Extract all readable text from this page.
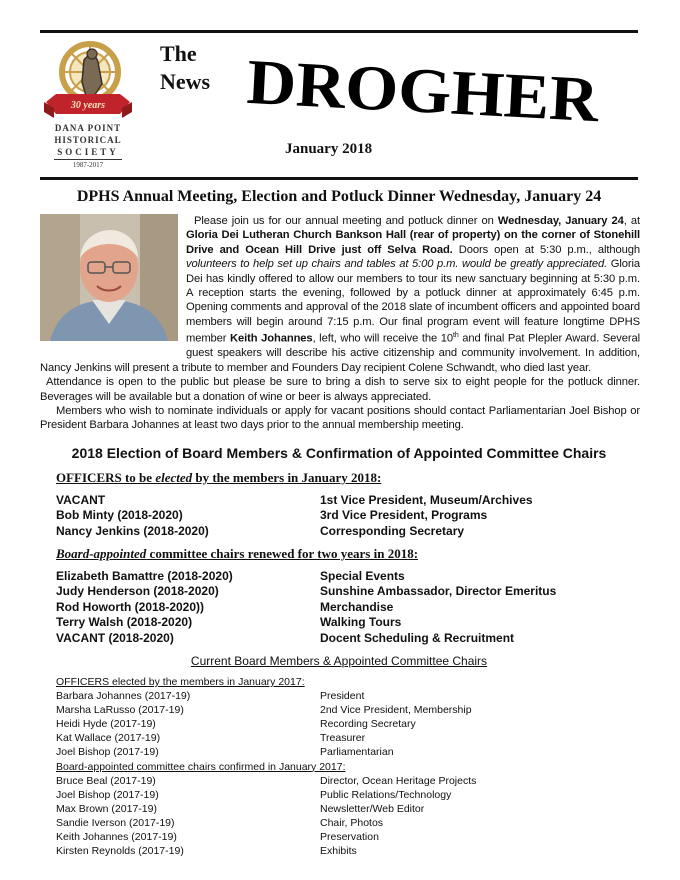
30 years
DANA POINT
HISTORICAL
SOCIETY
1987-2017
The
News DROGHER
January 2018
DPHS Annual Meeting, Election and Potluck Dinner Wednesday, January 24

Please join us for our annual meeting and potluck dinner on Wednesday, January 24, at Gloria Dei Lutheran Church Bankson Hall (rear of property) on the corner of Stonehill Drive and Ocean Hill Drive just off Selva Road. Doors open at 5:30 p.m., although volunteers to help set up chairs and tables at 5:00 p.m. would be greatly appreciated. Gloria Dei has kindly offered to allow our members to tour its new sanctuary beginning at 5:30 p.m. A reception starts the evening, followed by a potluck dinner at approximately 6:45 p.m. Opening comments and approval of the 2018 slate of incumbent officers and appointed board members will begin around 7:15 p.m. Our final program event will feature longtime DPHS member Keith Johannes, left, who will receive the 10th and final Pat Plepler Award. Several guest speakers will describe his active citizenship and community involvement. In addition, Nancy Jenkins will present a tribute to member and Founders Day recipient Colene Schwandt, who died last year.

Attendance is open to the public but please be sure to bring a dish to serve six to eight people for the potluck dinner. Beverages will be available but a donation of wine or beer is always appreciated.

Members who wish to nominate individuals or apply for vacant positions should contact Parliamentarian Joel Bishop or President Barbara Johannes at least two days prior to the annual membership meeting.

2018 Election of Board Members & Confirmation of Appointed Committee Chairs
OFFICERS to be elected by the members in January 2018:
VACANT	1st Vice President, Museum/Archives
Bob Minty (2018-2020)	3rd Vice President, Programs
Nancy Jenkins (2018-2020)	Corresponding Secretary
Board-appointed committee chairs renewed for two years in 2018:
Elizabeth Bamattre (2018-2020)	Special Events
Judy Henderson (2018-2020)	Sunshine Ambassador, Director Emeritus
Rod Howorth (2018-2020))	Merchandise
Terry Walsh (2018-2020)	Walking Tours
VACANT (2018-2020)	Docent Scheduling & Recruitment
Current Board Members & Appointed Committee Chairs
OFFICERS elected by the members in January 2017:
Barbara Johannes (2017-19)	President
Marsha LaRusso (2017-19)	2nd Vice President, Membership
Heidi Hyde (2017-19)	Recording Secretary
Kat Wallace (2017-19)	Treasurer
Joel Bishop (2017-19)	Parliamentarian
Board-appointed committee chairs confirmed in January 2017:
Bruce Beal (2017-19)	Director, Ocean Heritage Projects
Joel Bishop (2017-19)	Public Relations/Technology
Max Brown (2017-19)	Newsletter/Web Editor
Sandie Iverson (2017-19)	Chair, Photos
Keith Johannes (2017-19)	Preservation
Kirsten Reynolds (2017-19)	Exhibits
